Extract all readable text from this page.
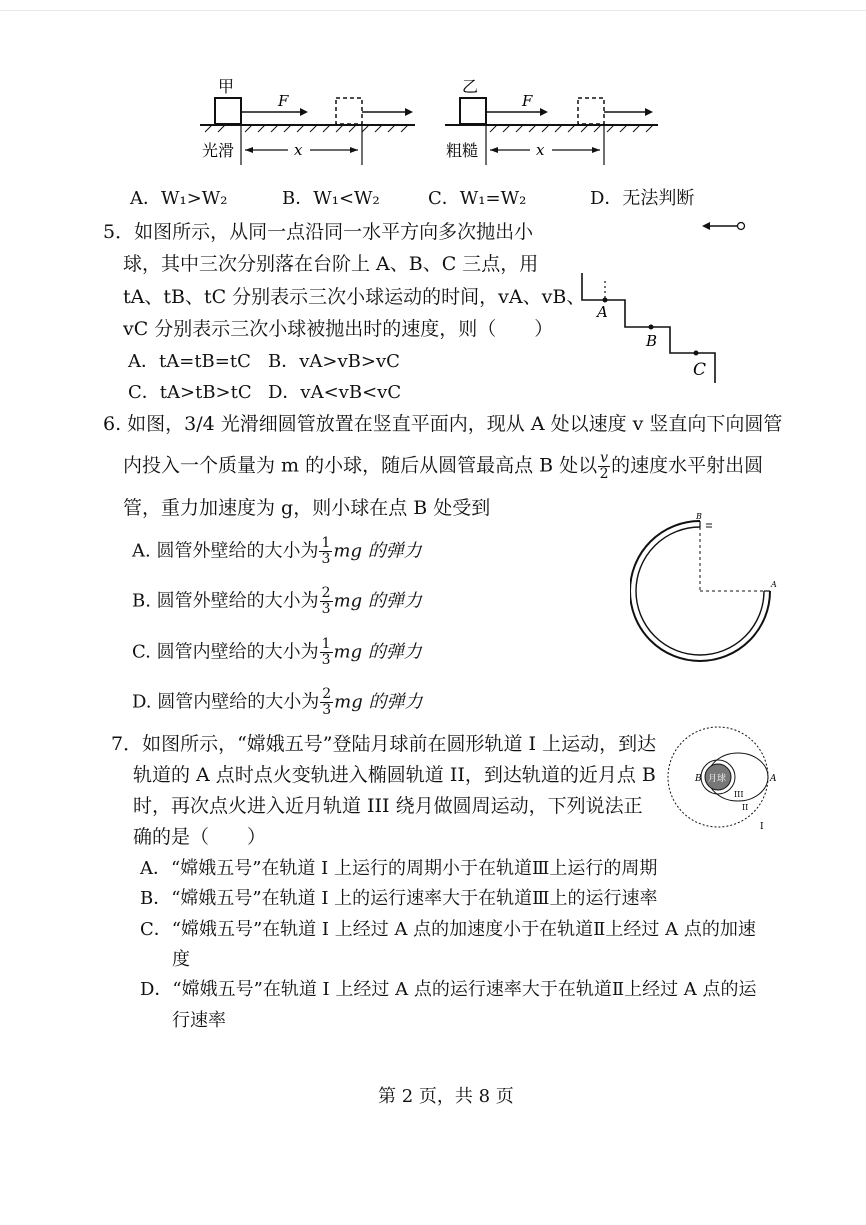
甲
F
x
光滑
乙
F
x
粗糙
A．W₁>W₂	B．W₁<W₂	C．W₁=W₂	D．无法判断
5．如图所示，从同一点沿同一水平方向多次抛出小
球，其中三次分别落在台阶上 A、B、C 三点，用
tA、tB、tC 分别表示三次小球运动的时间，vA、vB、
vC 分别表示三次小球被抛出时的速度，则（　　）
A．tA=tB=tC B．vA>vB>vC
C．tA>tB>tC D．vA<vB<vC
A
B
C
6. 如图，3/4 光滑细圆管放置在竖直平面内，现从 A 处以速度 v 竖直向下向圆管
内投入一个质量为 m 的小球，随后从圆管最高点 B 处以 $\frac{v}{2}$ 的速度水平射出圆
管，重力加速度为 g，则小球在点 B 处受到
A. 圆管外壁给的大小为 $\frac{1}{3}$ mg 的弹力
B. 圆管外壁给的大小为 $\frac{2}{3}$ mg 的弹力
C. 圆管内壁给的大小为 $\frac{1}{3}$ mg 的弹力
D. 圆管内壁给的大小为 $\frac{2}{3}$ mg 的弹力
B
A
7．如图所示，“嫦娥五号”登陆月球前在圆形轨道 I 上运动，到达
轨道的 A 点时点火变轨进入椭圆轨道 II，到达轨道的近月点 B
时，再次点火进入近月轨道 III 绕月做圆周运动，下列说法正
确的是（　　）
A．“嫦娥五号”在轨道 I 上运行的周期小于在轨道Ⅲ上运行的周期
B．“嫦娥五号”在轨道 I 上的运行速率大于在轨道Ⅲ上的运行速率
C．“嫦娥五号”在轨道 I 上经过 A 点的加速度小于在轨道Ⅱ上经过 A 点的加速
度
D．“嫦娥五号”在轨道 I 上经过 A 点的运行速率大于在轨道Ⅱ上经过 A 点的运
行速率
月球
B	A
III
II
I
第 2 页，共 8 页
